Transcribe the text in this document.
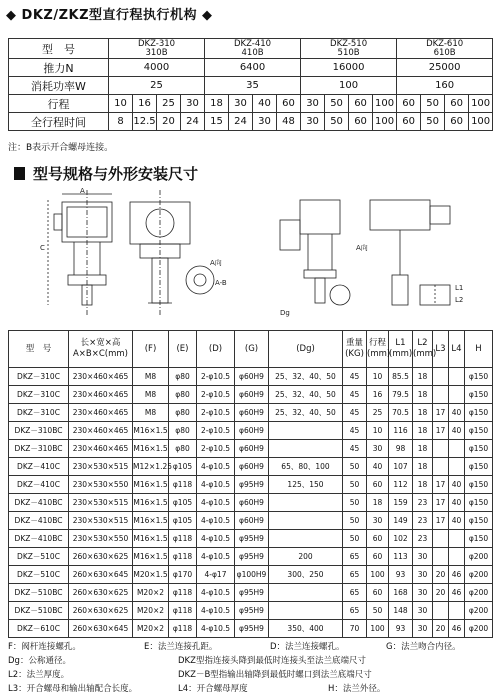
◆ DKZ/ZKZ型直行程执行机构 ◆
型　号	DKZ-310
310B				DKZ-410
410B				DKZ-510
510B				DKZ-610
610B			
推力N	4000				6400				16000				25000			
消耗功率W	25				35				100				160			
行程	10	16	25	30	18	30	40	60	30	50	60	100	60	50	60	100
全行程时间	8	12.5	20	24	15	24	30	48	30	50	60	100	60	50	60	100
注：B表示开合螺母连接。
型号规格与外形安装尺寸
A
C
A向
A-B
A向
Dg
L1
L2
型　号	长×宽×高
A×B×C(mm)	(F)	(E)	(D)	(G)	(Dg)	重量
(KG)	行程
(mm)	L1
(mm)	L2
(mm)	L3	L4	H
DKZ－310C	230×460×465	M8	φ80	2-φ10.5	φ60H9	25、32、40、50	45	10	85.5	18			φ150
DKZ－310C	230×460×465	M8	φ80	2-φ10.5	φ60H9	25、32、40、50	45	16	79.5	18			φ150
DKZ－310C	230×460×465	M8	φ80	2-φ10.5	φ60H9	25、32、40、50	45	25	70.5	18	17	40	φ150
DKZ－310BC	230×460×465	M16×1.5	φ80	2-φ10.5	φ60H9		45	10	116	18	17	40	φ150
DKZ－310BC	230×460×465	M16×1.5	φ80	2-φ10.5	φ60H9		45	30	98	18			φ150
DKZ－410C	230×530×515	M12×1.25	φ105	4-φ10.5	φ60H9	65、80、100	50	40	107	18			φ150
DKZ－410C	230×530×550	M16×1.5	φ118	4-φ10.5	φ95H9	125、150	50	60	112	18	17	40	φ150
DKZ－410BC	230×530×515	M16×1.5	φ105	4-φ10.5	φ60H9		50	18	159	23	17	40	φ150
DKZ－410BC	230×530×515	M16×1.5	φ105	4-φ10.5	φ60H9		50	30	149	23	17	40	φ150
DKZ－410BC	230×530×550	M16×1.5	φ118	4-φ10.5	φ95H9		50	60	102	23			φ150
DKZ－510C	260×630×625	M16×1.5	φ118	4-φ10.5	φ95H9	200	65	60	113	30			φ200
DKZ－510C	260×630×645	M20×1.5	φ170	4-φ17	φ100H9	300、250	65	100	93	30	20	46	φ200
DKZ－510BC	260×630×625	M20×2	φ118	4-φ10.5	φ95H9		65	60	168	30	20	46	φ200
DKZ－510BC	260×630×625	M20×2	φ118	4-φ10.5	φ95H9		65	50	148	30			φ200
DKZ－610C	260×630×645	M20×2	φ118	4-φ10.5	φ95H9	350、400	70	100	93	30	20	46	φ200
F：阀杆连接螺孔。	E：法兰连接孔距。	D：法兰连接螺孔。	G：法兰吻合内径。
Dg：公称通径。	DKZ型指连接头降到最低时连接头至法兰底端尺寸
L2：法兰厚度。	DKZ－B型指输出轴降到最低时螺口到法兰底端尺寸
L3：开合螺母和输出轴配合长度。	L4：开合螺母厚度	H：法兰外径。
